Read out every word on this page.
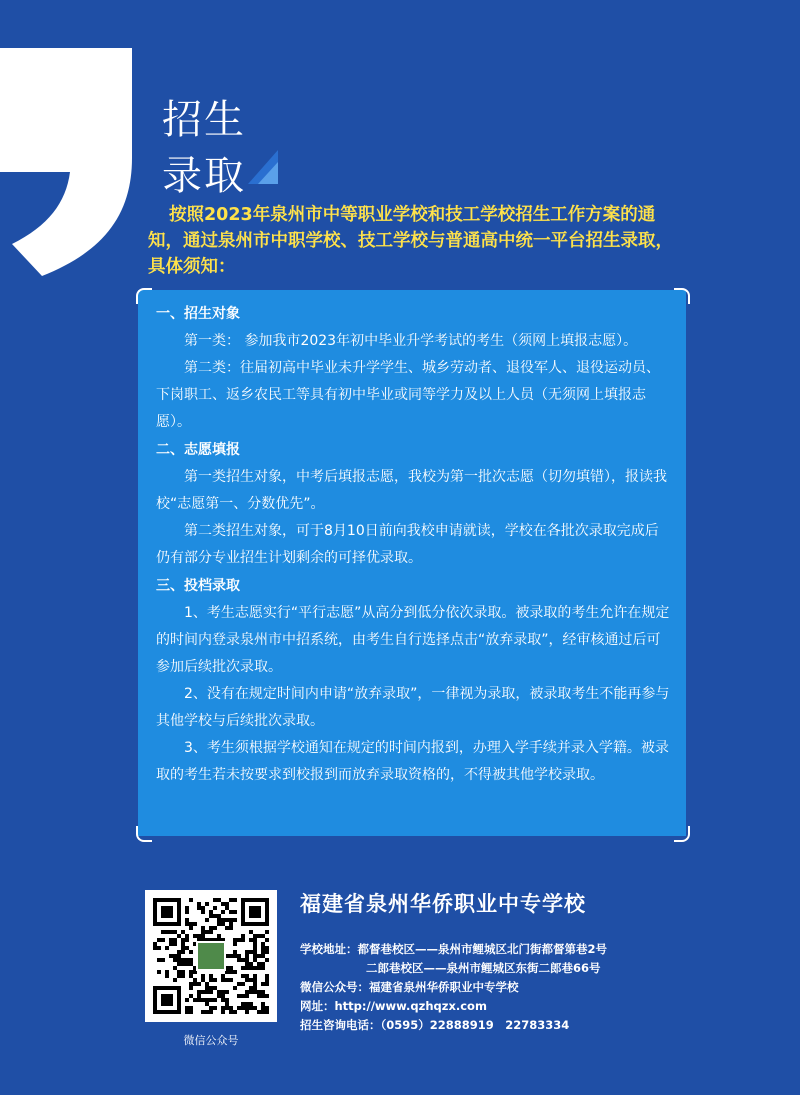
招生
录取

按照2023年泉州市中等职业学校和技工学校招生工作方案的通知，通过泉州市中职学校、技工学校与普通高中统一平台招生录取，具体须知：

一、招生对象

第一类： 参加我市2023年初中毕业升学考试的考生（须网上填报志愿）。

第二类：往届初高中毕业未升学学生、城乡劳动者、退役军人、退役运动员、下岗职工、返乡农民工等具有初中毕业或同等学力及以上人员（无须网上填报志愿）。

二、志愿填报

第一类招生对象，中考后填报志愿，我校为第一批次志愿（切勿填错），报读我校“志愿第一、分数优先”。

第二类招生对象，可于8月10日前向我校申请就读，学校在各批次录取完成后仍有部分专业招生计划剩余的可择优录取。

三、投档录取

1、考生志愿实行“平行志愿”从高分到低分依次录取。被录取的考生允许在规定的时间内登录泉州市中招系统，由考生自行选择点击“放弃录取”，经审核通过后可参加后续批次录取。

2、没有在规定时间内申请“放弃录取”，一律视为录取，被录取考生不能再参与其他学校与后续批次录取。

3、考生须根据学校通知在规定的时间内报到，办理入学手续并录入学籍。被录取的考生若未按要求到校报到而放弃录取资格的，不得被其他学校录取。

微信公众号
福建省泉州华侨职业中专学校
学校地址：都督巷校区——泉州市鲤城区北门街都督第巷2号
二郎巷校区——泉州市鲤城区东街二郎巷66号
微信公众号：福建省泉州华侨职业中专学校
网址：http://www.qzhqzx.com
招生咨询电话：（0595）22888919　22783334
